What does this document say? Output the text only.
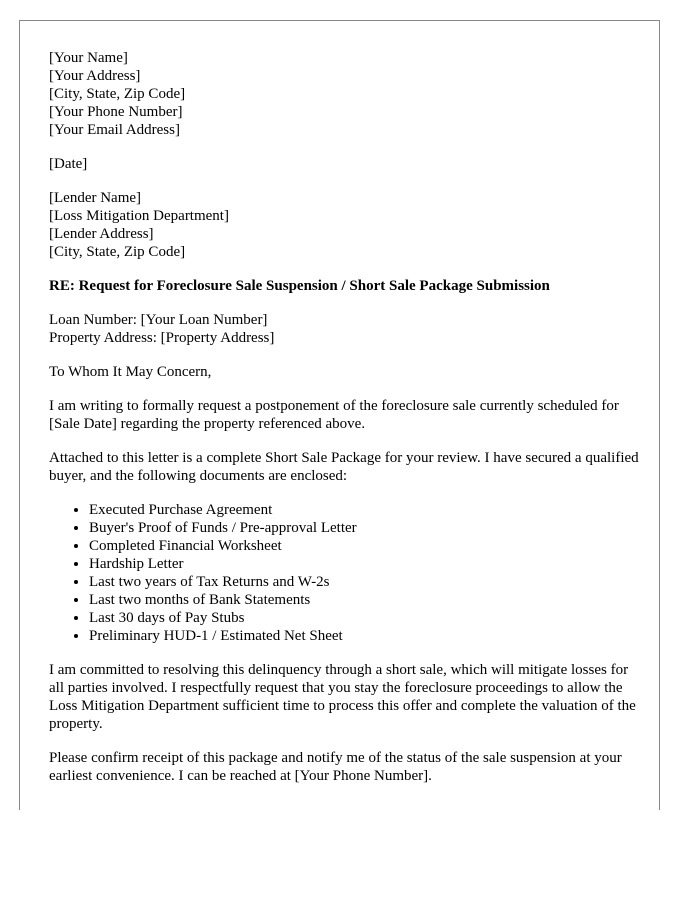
[Your Name]
[Your Address]
[City, State, Zip Code]
[Your Phone Number]
[Your Email Address]
[Date]
[Lender Name]
[Loss Mitigation Department]
[Lender Address]
[City, State, Zip Code]
RE: Request for Foreclosure Sale Suspension / Short Sale Package Submission
Loan Number: [Your Loan Number]
Property Address: [Property Address]

To Whom It May Concern,

I am writing to formally request a postponement of the foreclosure sale currently scheduled for [Sale Date] regarding the property referenced above.

Attached to this letter is a complete Short Sale Package for your review. I have secured a qualified buyer, and the following documents are enclosed:

• Executed Purchase Agreement
• Buyer's Proof of Funds / Pre-approval Letter
• Completed Financial Worksheet
• Hardship Letter
• Last two years of Tax Returns and W-2s
• Last two months of Bank Statements
• Last 30 days of Pay Stubs
• Preliminary HUD-1 / Estimated Net Sheet

I am committed to resolving this delinquency through a short sale, which will mitigate losses for all parties involved. I respectfully request that you stay the foreclosure proceedings to allow the Loss Mitigation Department sufficient time to process this offer and complete the valuation of the property.

Please confirm receipt of this package and notify me of the status of the sale suspension at your earliest convenience. I can be reached at [Your Phone Number].
